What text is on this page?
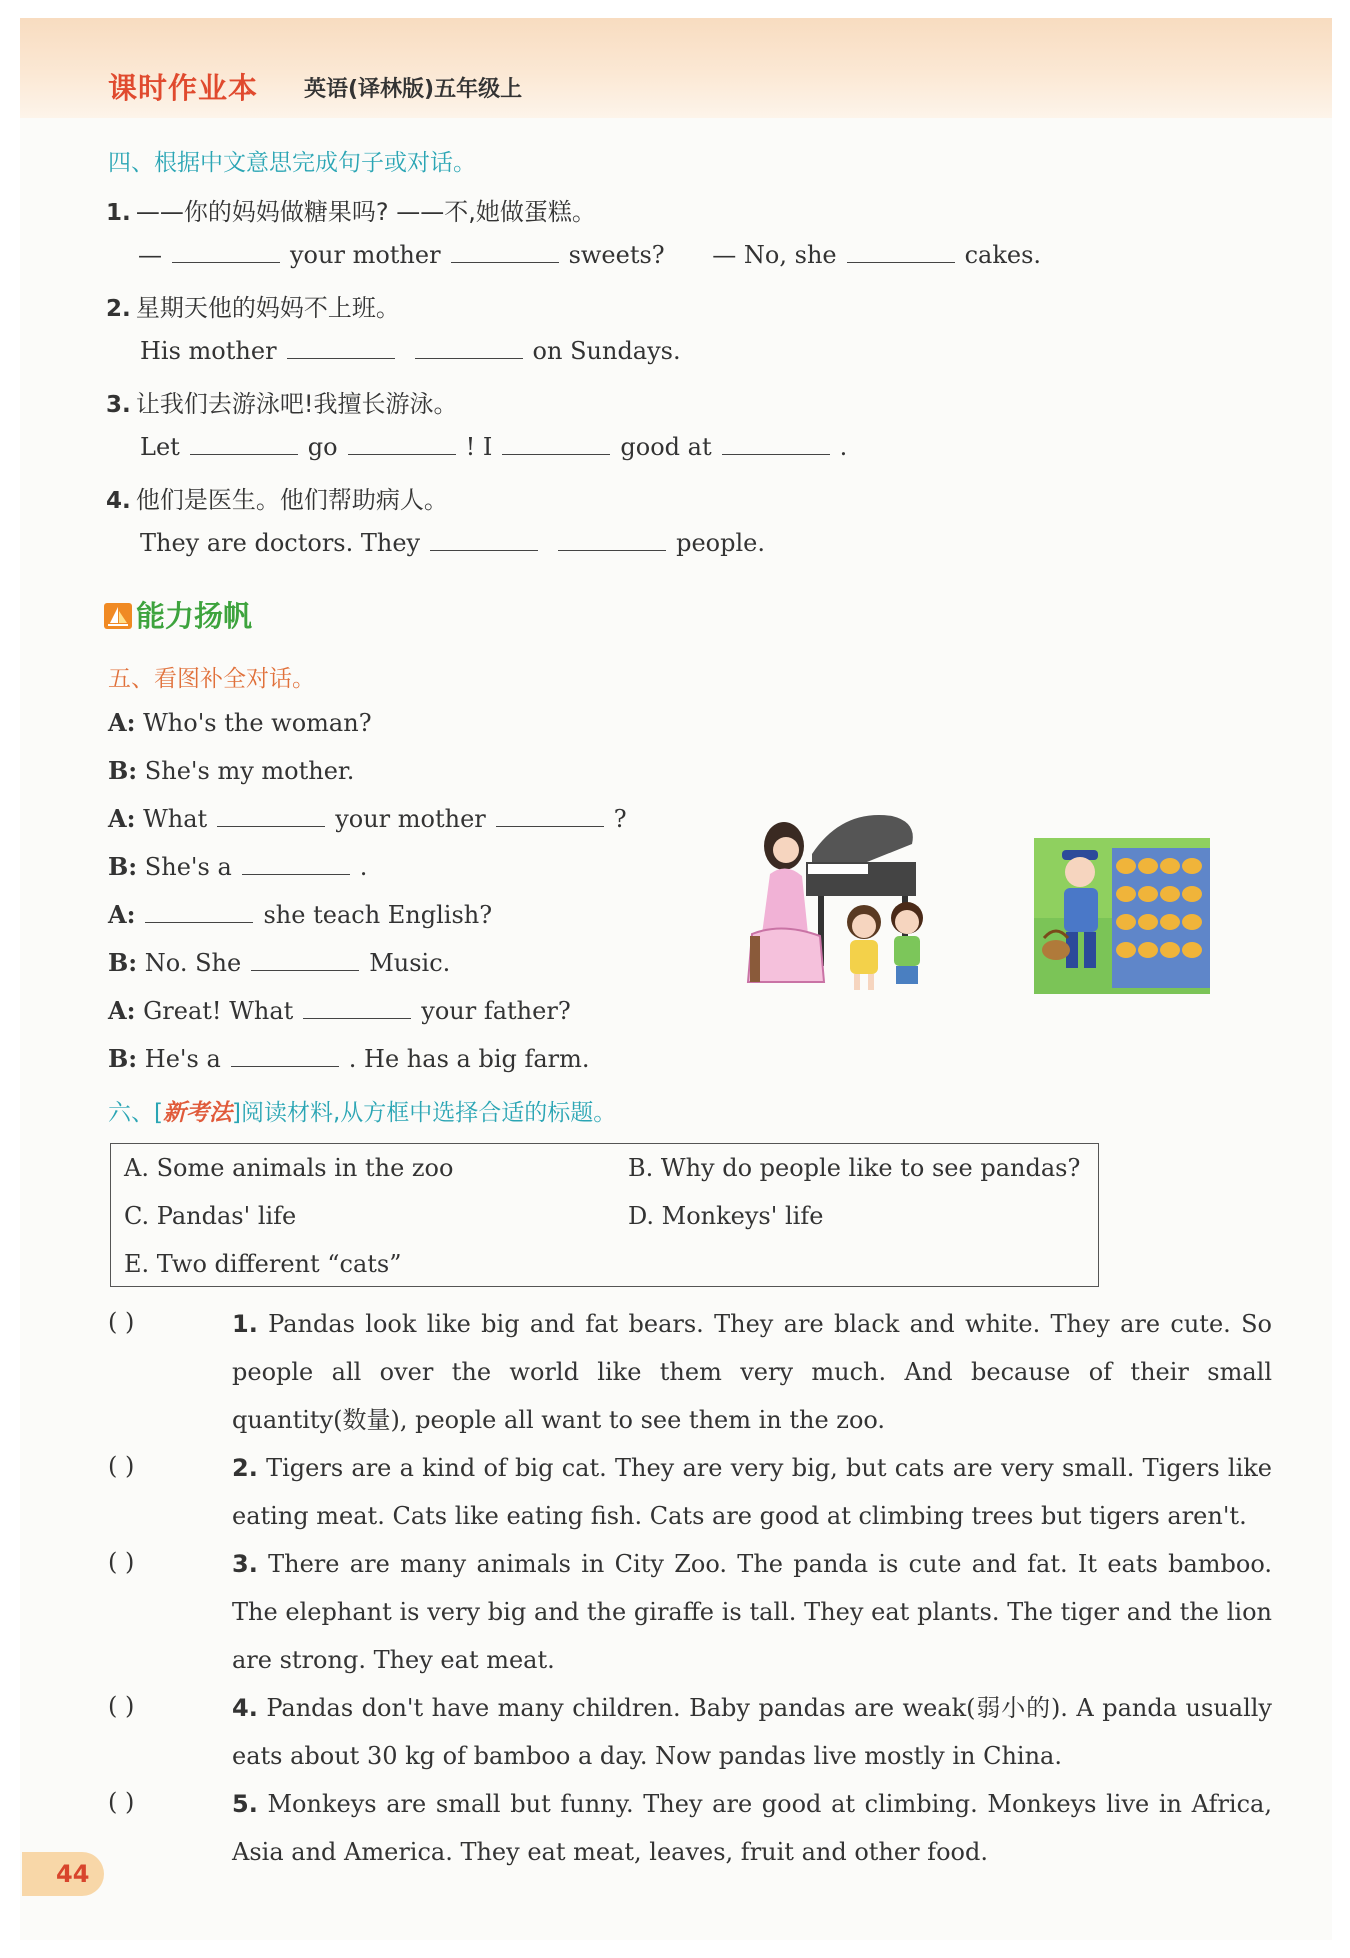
课时作业本 英语(译林版)五年级上
四、根据中文意思完成句子或对话。
1. ——你的妈妈做糖果吗? ——不,她做蛋糕。
—	your mother	sweets? — No, she	cakes.
2. 星期天他的妈妈不上班。
His mother	on Sundays.
3. 让我们去游泳吧!我擅长游泳。
Let	go	! I	good at	.
4. 他们是医生。他们帮助病人。
They are doctors. They	people.
能力扬帆
五、看图补全对话。
A: Who's the woman?
B: She's my mother.
A: What	your mother	?
B: She's a	.
A:	she teach English?
B: No. She	Music.
A: Great! What	your father?
B: He's a	. He has a big farm.
六、[新考法]阅读材料,从方框中选择合适的标题。
A. Some animals in the zoo	B. Why do people like to see pandas?
C. Pandas' life	D. Monkeys' life
E. Two different “cats”
( )	1. Pandas look like big and fat bears. They are black and white. They are cute. So people all over the world like them very much. And because of their small quantity(数量), people all want to see them in the zoo.
( )	2. Tigers are a kind of big cat. They are very big, but cats are very small. Tigers like eating meat. Cats like eating fish. Cats are good at climbing trees but tigers aren't.
( )	3. There are many animals in City Zoo. The panda is cute and fat. It eats bamboo. The elephant is very big and the giraffe is tall. They eat plants. The tiger and the lion are strong. They eat meat.
( )	4. Pandas don't have many children. Baby pandas are weak(弱小的). A panda usually eats about 30 kg of bamboo a day. Now pandas live mostly in China.
( )	5. Monkeys are small but funny. They are good at climbing. Monkeys live in Africa, Asia and America. They eat meat, leaves, fruit and other food.
44
